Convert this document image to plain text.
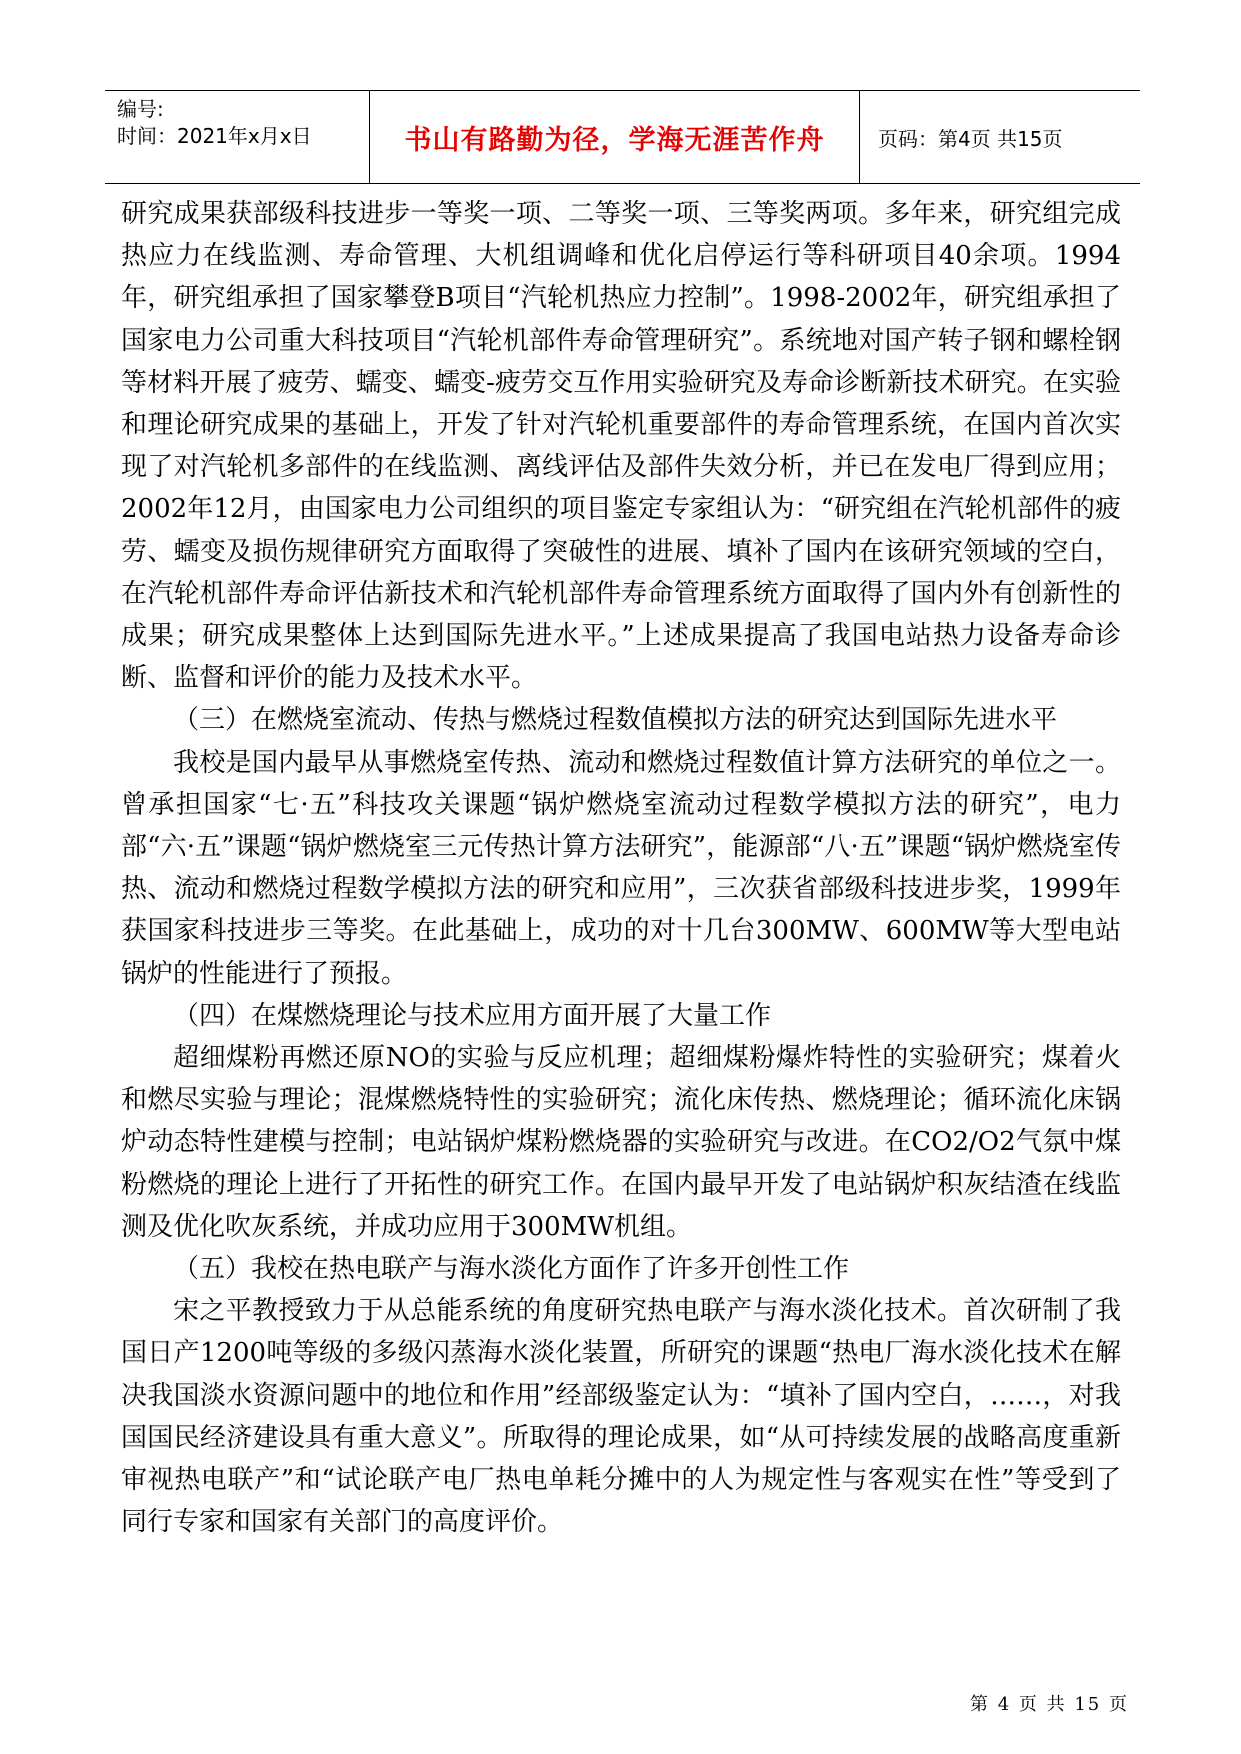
编号:
时间：2021年x月x日	书山有路勤为径，学海无涯苦作舟	页码：第4页 共15页

研究成果获部级科技进步一等奖一项、二等奖一项、三等奖两项。多年来，研究组完成热应力在线监测、寿命管理、大机组调峰和优化启停运行等科研项目40余项。1994年，研究组承担了国家攀登B项目“汽轮机热应力控制”。1998-2002年，研究组承担了国家电力公司重大科技项目“汽轮机部件寿命管理研究”。系统地对国产转子钢和螺栓钢等材料开展了疲劳、蠕变、蠕变-疲劳交互作用实验研究及寿命诊断新技术研究。在实验和理论研究成果的基础上，开发了针对汽轮机重要部件的寿命管理系统，在国内首次实现了对汽轮机多部件的在线监测、离线评估及部件失效分析，并已在发电厂得到应用； 2002年12月，由国家电力公司组织的项目鉴定专家组认为：“研究组在汽轮机部件的疲劳、蠕变及损伤规律研究方面取得了突破性的进展、填补了国内在该研究领域的空白，在汽轮机部件寿命评估新技术和汽轮机部件寿命管理系统方面取得了国内外有创新性的成果；研究成果整体上达到国际先进水平。”上述成果提高了我国电站热力设备寿命诊断、监督和评价的能力及技术水平。

（三）在燃烧室流动、传热与燃烧过程数值模拟方法的研究达到国际先进水平

我校是国内最早从事燃烧室传热、流动和燃烧过程数值计算方法研究的单位之一。曾承担国家“七·五”科技攻关课题“锅炉燃烧室流动过程数学模拟方法的研究”，电力部“六·五”课题“锅炉燃烧室三元传热计算方法研究”，能源部“八·五”课题“锅炉燃烧室传热、流动和燃烧过程数学模拟方法的研究和应用”，三次获省部级科技进步奖，1999年获国家科技进步三等奖。在此基础上，成功的对十几台300MW、600MW等大型电站锅炉的性能进行了预报。

（四）在煤燃烧理论与技术应用方面开展了大量工作

超细煤粉再燃还原NO的实验与反应机理；超细煤粉爆炸特性的实验研究；煤着火和燃尽实验与理论；混煤燃烧特性的实验研究；流化床传热、燃烧理论；循环流化床锅炉动态特性建模与控制；电站锅炉煤粉燃烧器的实验研究与改进。在CO2/O2气氛中煤粉燃烧的理论上进行了开拓性的研究工作。在国内最早开发了电站锅炉积灰结渣在线监测及优化吹灰系统，并成功应用于300MW机组。

（五）我校在热电联产与海水淡化方面作了许多开创性工作

宋之平教授致力于从总能系统的角度研究热电联产与海水淡化技术。首次研制了我国日产1200吨等级的多级闪蒸海水淡化装置，所研究的课题“热电厂海水淡化技术在解决我国淡水资源问题中的地位和作用”经部级鉴定认为：“填补了国内空白，……，对我国国民经济建设具有重大意义”。所取得的理论成果，如“从可持续发展的战略高度重新审视热电联产”和“试论联产电厂热电单耗分摊中的人为规定性与客观实在性”等受到了同行专家和国家有关部门的高度评价。

第 4 页 共 15 页
